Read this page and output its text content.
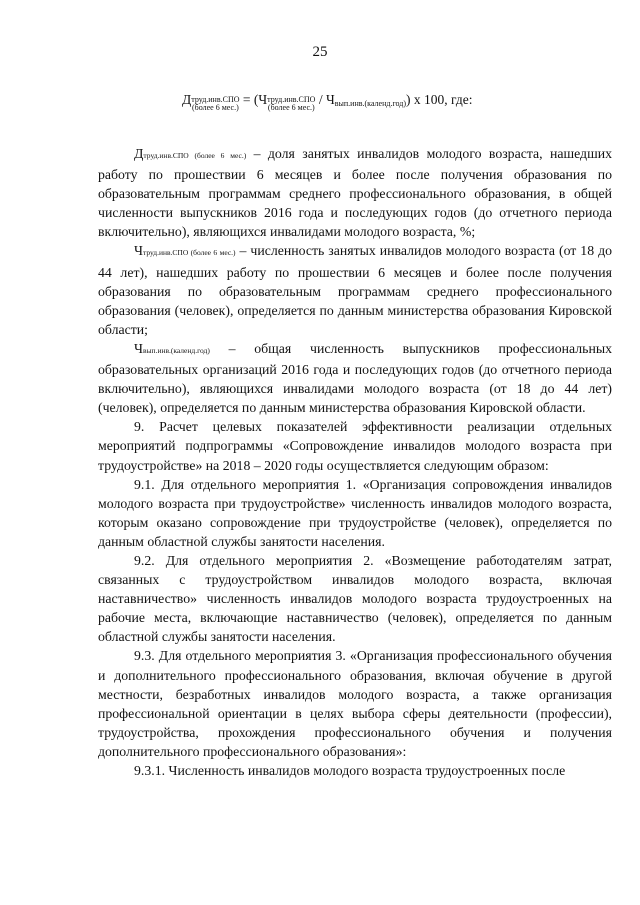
25
Д труд.инв.СПО
(более 6 мес.)
= (Ч труд.инв.СПО
(более 6 мес.)
/ Ч вып.инв.(календ.год) ) x 100, где:

Дтруд.инв.СПО (более 6 мес.) – доля занятых инвалидов молодого возраста, нашедших работу по прошествии 6 месяцев и более после получения образования по образовательным программам среднего профессионального образования, в общей численности выпускников 2016 года и последующих годов (до отчетного периода включительно), являющихся инвалидами молодого возраста, %;

Чтруд.инв.СПО (более 6 мес.) – численность занятых инвалидов молодого возраста (от 18 до 44 лет), нашедших работу по прошествии 6 месяцев и более после получения образования по образовательным программам среднего профессионального образования (человек), определяется по данным министерства образования Кировской области;

Чвып.инв.(календ.год) – общая численность выпускников профессиональных образовательных организаций 2016 года и последующих годов (до отчетного периода включительно), являющихся инвалидами молодого возраста (от 18 до 44 лет) (человек), определяется по данным министерства образования Кировской области.

9. Расчет целевых показателей эффективности реализации отдельных мероприятий подпрограммы «Сопровождение инвалидов молодого возраста при трудоустройстве» на 2018 – 2020 годы осуществляется следующим образом:

9.1. Для отдельного мероприятия 1. «Организация сопровождения инвалидов молодого возраста при трудоустройстве» численность инвалидов молодого возраста, которым оказано сопровождение при трудоустройстве (человек), определяется по данным областной службы занятости населения.

9.2. Для отдельного мероприятия 2. «Возмещение работодателям затрат, связанных с трудоустройством инвалидов молодого возраста, включая наставничество» численность инвалидов молодого возраста трудоустроенных на рабочие места, включающие наставничество (человек), определяется по данным областной службы занятости населения.

9.3. Для отдельного мероприятия 3. «Организация профессионального обучения и дополнительного профессионального образования, включая обучение в другой местности, безработных инвалидов молодого возраста, а также организация профессиональной ориентации в целях выбора сферы деятельности (профессии), трудоустройства, прохождения профессионального обучения и получения дополнительного профессионального образования»:

9.3.1. Численность инвалидов молодого возраста трудоустроенных после
